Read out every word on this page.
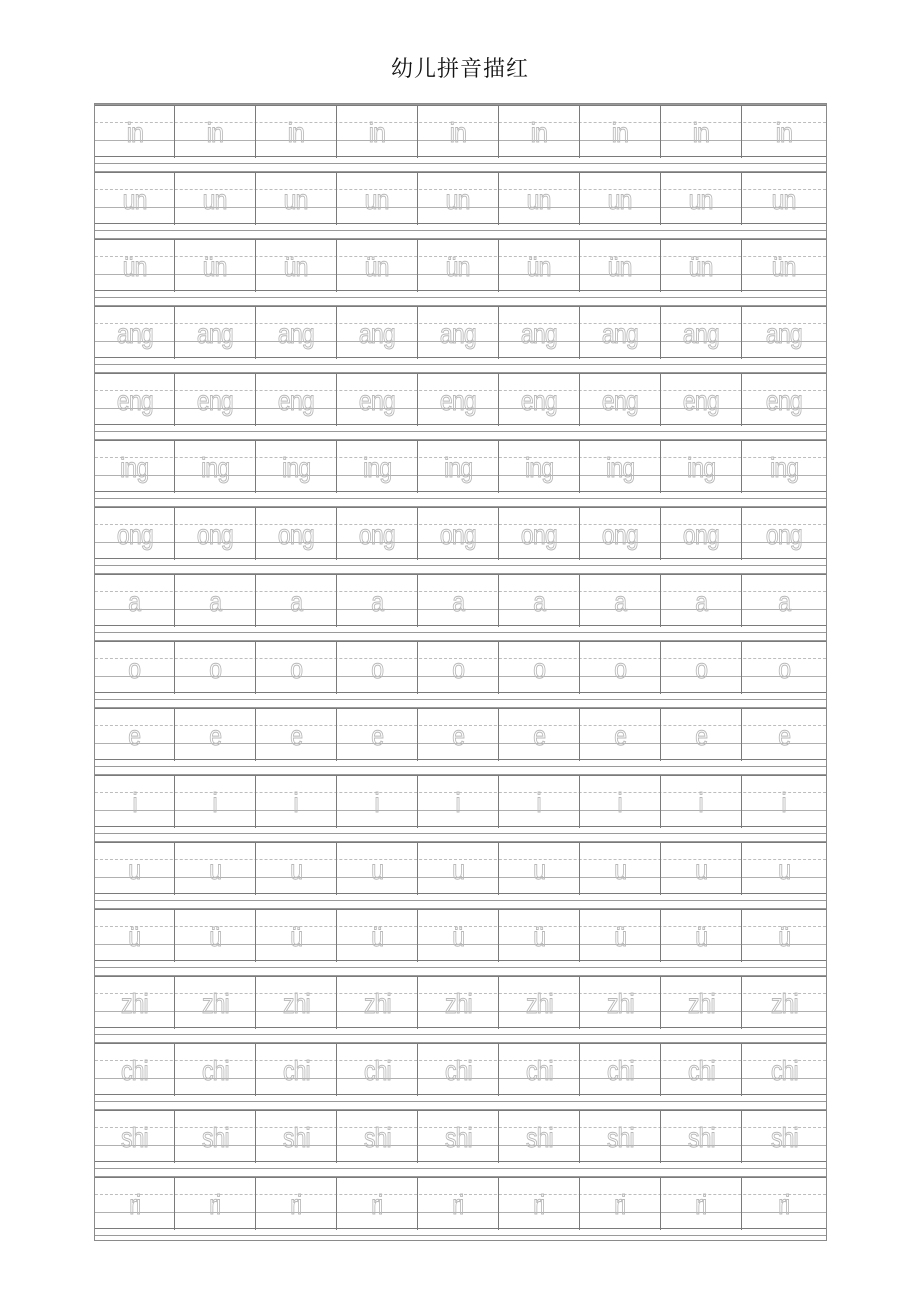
幼儿拼音描红
in in in in in in in in in
un un un un un un un un un
ün ün ün ün ün ün ün ün ün
ang ang ang ang ang ang ang ang ang
eng eng eng eng eng eng eng eng eng
ing ing ing ing ing ing ing ing ing
ong ong ong ong ong ong ong ong ong
a a a a a a a a	a
o o o o o o o o	o
e e e e e e e e	e
i	i	i	i	i	i	i	i	i
u u u u u u u u	u
ü ü ü ü ü ü ü ü	ü
zhi zhi zhi zhi zhi zhi zhi zhi zhi
chi chi chi chi chi chi chi chi chi
shi shi shi shi shi shi shi shi shi
ri ri ri ri ri ri ri ri	ri
